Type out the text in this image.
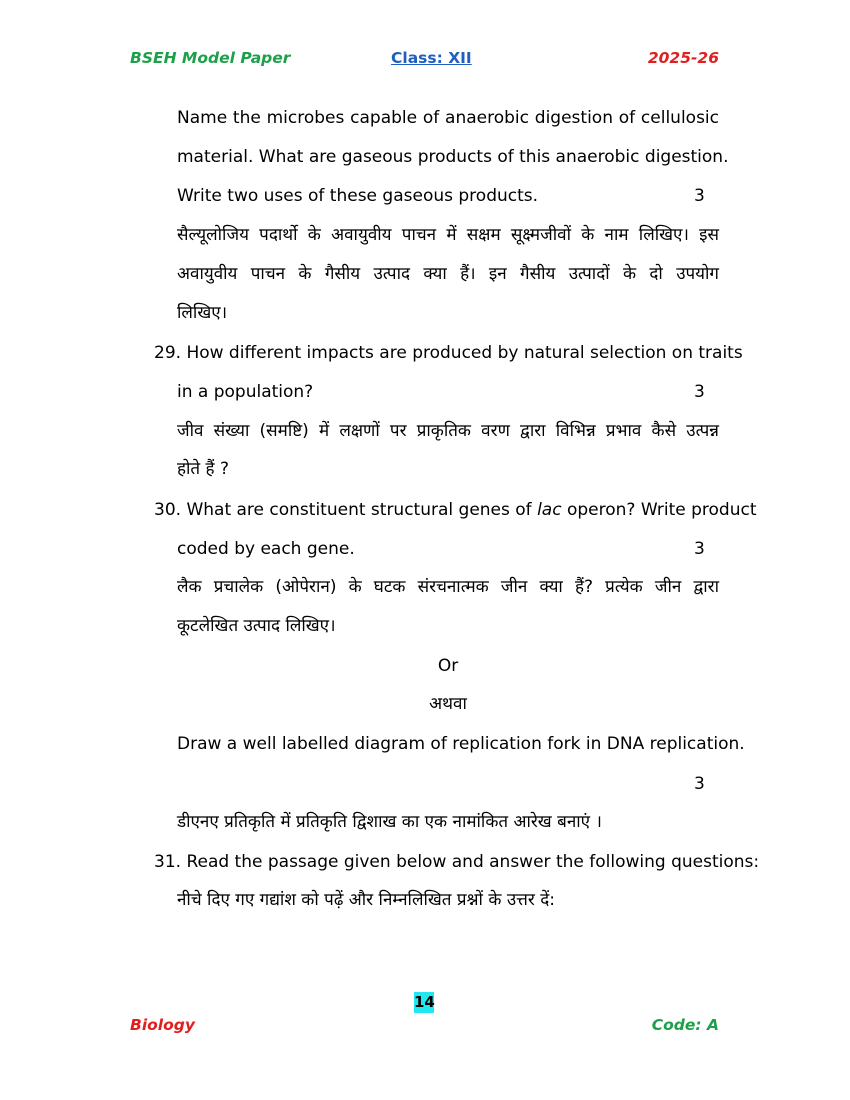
BSEH Model Paper	Class: XII	2025-26
Name the microbes capable of anaerobic digestion of cellulosic
material. What are gaseous products of this anaerobic digestion.
Write two uses of these gaseous products.	3
सैल्यूलोजिय पदार्थो के अवायुवीय पाचन में सक्षम सूक्ष्मजीवों के नाम लिखिए। इस
अवायुवीय पाचन के गैसीय उत्पाद क्या हैं। इन गैसीय उत्पादों के दो उपयोग
लिखिए।
29. How different impacts are produced by natural selection on traits
in a population?	3
जीव संख्या (समष्टि) में लक्षणों पर प्राकृतिक वरण द्वारा विभिन्न प्रभाव कैसे उत्पन्न
होते हैं ?
30. What are constituent structural genes of lac operon? Write product
coded by each gene.	3
लैक प्रचालेक (ओपेरान) के घटक संरचनात्मक जीन क्या हैं? प्रत्येक जीन द्वारा
कूटलेखित उत्पाद लिखिए।
Or
अथवा
Draw a well labelled diagram of replication fork in DNA replication.
3
डीएनए प्रतिकृति में प्रतिकृति द्विशाख का एक नामांकित आरेख बनाएं ।
31. Read the passage given below and answer the following questions:
नीचे दिए गए गद्यांश को पढ़ें और निम्नलिखित प्रश्नों के उत्तर दें:
14
Biology	Code: A
